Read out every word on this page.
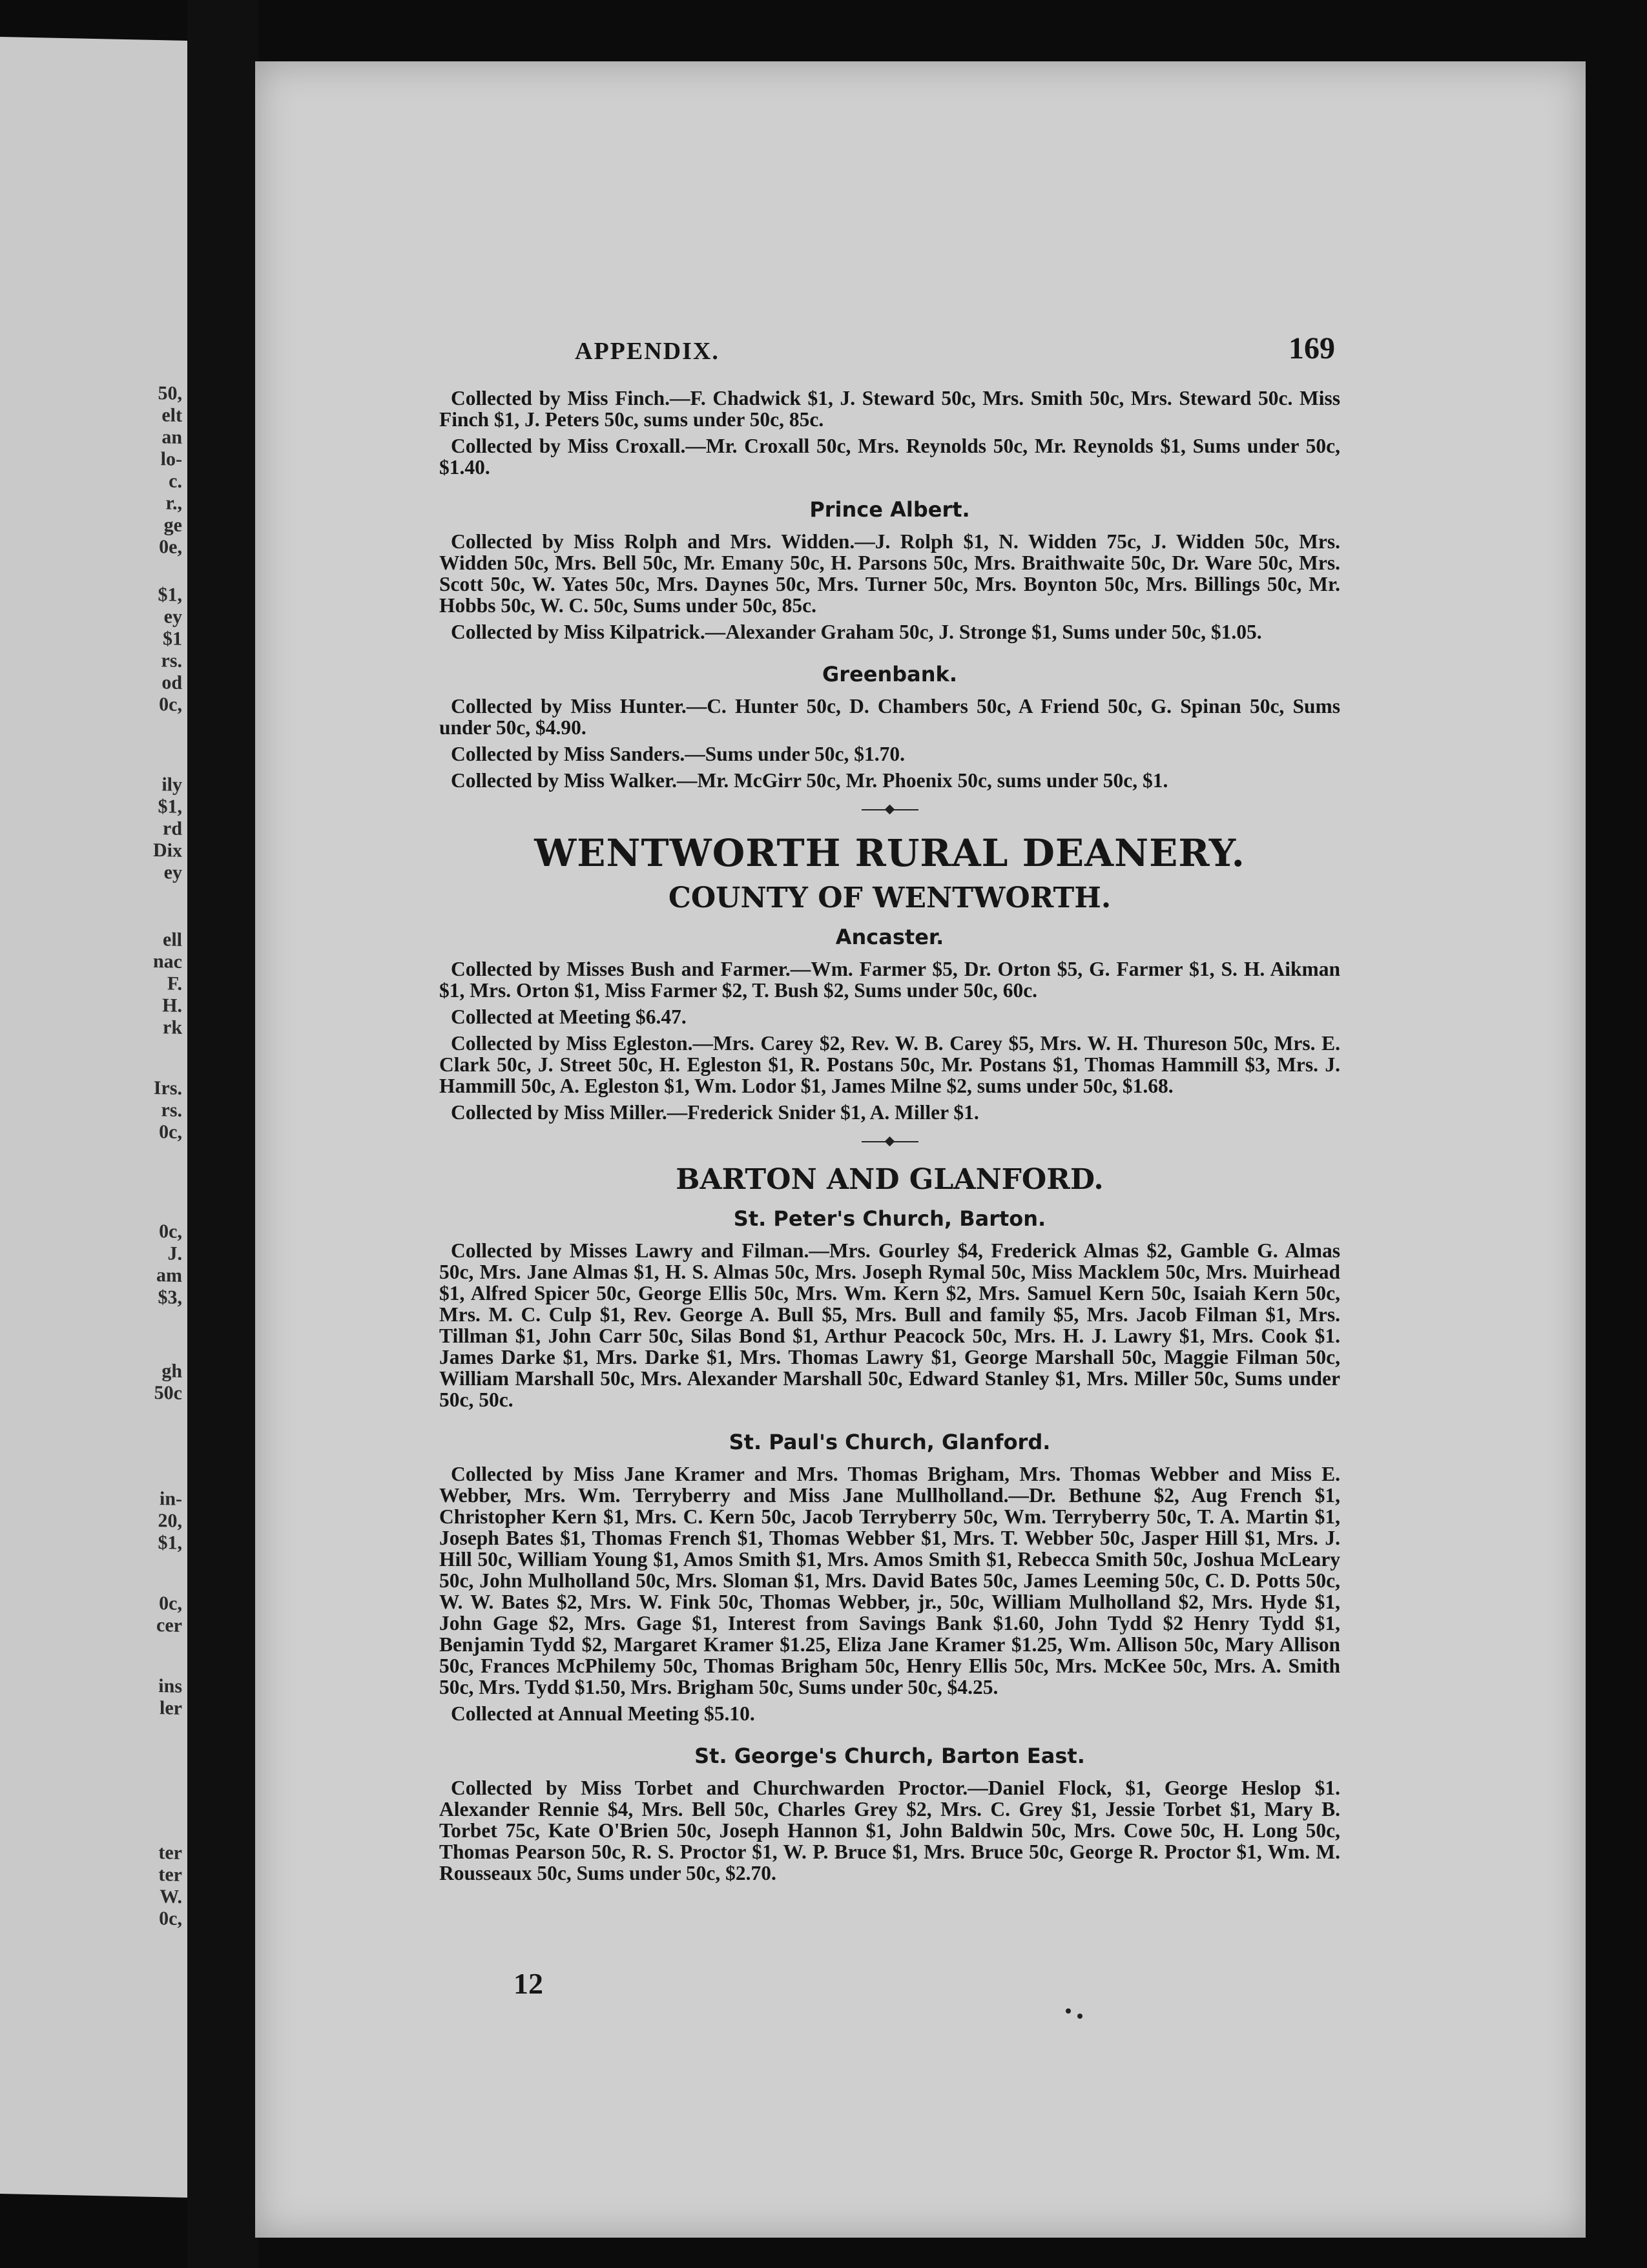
50,
elt
an
lo-
c.
r.,
ge
0e,
$1,
ey
$1
rs.
od
0c,
ily
$1,
rd
Dix
ey
ell
nac
F.
H.
rk
Irs.
rs.
0c,
0c,
J.
am
$3,
gh
50c
in-
20,
$1,
0c,
cer
ins
ler
ter
ter
W.
0c,
APPENDIX.	169

Collected by Miss Finch.—F. Chadwick $1, J. Steward 50c, Mrs. Smith 50c, Mrs. Steward 50c. Miss Finch $1, J. Peters 50c, sums under 50c, 85c.

Collected by Miss Croxall.—Mr. Croxall 50c, Mrs. Reynolds 50c, Mr. Reynolds $1, Sums under 50c, $1.40.

Prince Albert.

Collected by Miss Rolph and Mrs. Widden.—J. Rolph $1, N. Widden 75c, J. Widden 50c, Mrs. Widden 50c, Mrs. Bell 50c, Mr. Emany 50c, H. Parsons 50c, Mrs. Braithwaite 50c, Dr. Ware 50c, Mrs. Scott 50c, W. Yates 50c, Mrs. Daynes 50c, Mrs. Turner 50c, Mrs. Boynton 50c, Mrs. Billings 50c, Mr. Hobbs 50c, W. C. 50c, Sums under 50c, 85c.

Collected by Miss Kilpatrick.—Alexander Graham 50c, J. Stronge $1, Sums under 50c, $1.05.

Greenbank.

Collected by Miss Hunter.—C. Hunter 50c, D. Chambers 50c, A Friend 50c, G. Spinan 50c, Sums under 50c, $4.90.

Collected by Miss Sanders.—Sums under 50c, $1.70.

Collected by Miss Walker.—Mr. McGirr 50c, Mr. Phoenix 50c, sums under 50c, $1.

WENTWORTH RURAL DEANERY.
COUNTY OF WENTWORTH.
Ancaster.

Collected by Misses Bush and Farmer.—Wm. Farmer $5, Dr. Orton $5, G. Farmer $1, S. H. Aikman $1, Mrs. Orton $1, Miss Farmer $2, T. Bush $2, Sums under 50c, 60c.

Collected at Meeting $6.47.

Collected by Miss Egleston.—Mrs. Carey $2, Rev. W. B. Carey $5, Mrs. W. H. Thureson 50c, Mrs. E. Clark 50c, J. Street 50c, H. Egleston $1, R. Postans 50c, Mr. Postans $1, Thomas Hammill $3, Mrs. J. Hammill 50c, A. Egleston $1, Wm. Lodor $1, James Milne $2, sums under 50c, $1.68.

Collected by Miss Miller.—Frederick Snider $1, A. Miller $1.

BARTON AND GLANFORD.
St. Peter's Church, Barton.

Collected by Misses Lawry and Filman.—Mrs. Gourley $4, Frederick Almas $2, Gamble G. Almas 50c, Mrs. Jane Almas $1, H. S. Almas 50c, Mrs. Joseph Rymal 50c, Miss Macklem 50c, Mrs. Muirhead $1, Alfred Spicer 50c, George Ellis 50c, Mrs. Wm. Kern $2, Mrs. Samuel Kern 50c, Isaiah Kern 50c, Mrs. M. C. Culp $1, Rev. George A. Bull $5, Mrs. Bull and family $5, Mrs. Jacob Filman $1, Mrs. Tillman $1, John Carr 50c, Silas Bond $1, Arthur Peacock 50c, Mrs. H. J. Lawry $1, Mrs. Cook $1. James Darke $1, Mrs. Darke $1, Mrs. Thomas Lawry $1, George Marshall 50c, Maggie Filman 50c, William Marshall 50c, Mrs. Alexander Marshall 50c, Edward Stanley $1, Mrs. Miller 50c, Sums under 50c, 50c.

St. Paul's Church, Glanford.

Collected by Miss Jane Kramer and Mrs. Thomas Brigham, Mrs. Thomas Webber and Miss E. Webber, Mrs. Wm. Terryberry and Miss Jane Mullholland.—Dr. Bethune $2, Aug French $1, Christopher Kern $1, Mrs. C. Kern 50c, Jacob Terryberry 50c, Wm. Terryberry 50c, T. A. Martin $1, Joseph Bates $1, Thomas French $1, Thomas Webber $1, Mrs. T. Webber 50c, Jasper Hill $1, Mrs. J. Hill 50c, William Young $1, Amos Smith $1, Mrs. Amos Smith $1, Rebecca Smith 50c, Joshua McLeary 50c, John Mulholland 50c, Mrs. Sloman $1, Mrs. David Bates 50c, James Leeming 50c, C. D. Potts 50c, W. W. Bates $2, Mrs. W. Fink 50c, Thomas Webber, jr., 50c, William Mulholland $2, Mrs. Hyde $1, John Gage $2, Mrs. Gage $1, Interest from Savings Bank $1.60, John Tydd $2 Henry Tydd $1, Benjamin Tydd $2, Margaret Kramer $1.25, Eliza Jane Kramer $1.25, Wm. Allison 50c, Mary Allison 50c, Frances McPhilemy 50c, Thomas Brigham 50c, Henry Ellis 50c, Mrs. McKee 50c, Mrs. A. Smith 50c, Mrs. Tydd $1.50, Mrs. Brigham 50c, Sums under 50c, $4.25.

Collected at Annual Meeting $5.10.

St. George's Church, Barton East.

Collected by Miss Torbet and Churchwarden Proctor.—Daniel Flock, $1, George Heslop $1. Alexander Rennie $4, Mrs. Bell 50c, Charles Grey $2, Mrs. C. Grey $1, Jessie Torbet $1, Mary B. Torbet 75c, Kate O'Brien 50c, Joseph Hannon $1, John Baldwin 50c, Mrs. Cowe 50c, H. Long 50c, Thomas Pearson 50c, R. S. Proctor $1, W. P. Bruce $1, Mrs. Bruce 50c, George R. Proctor $1, Wm. M. Rousseaux 50c, Sums under 50c, $2.70.

12
